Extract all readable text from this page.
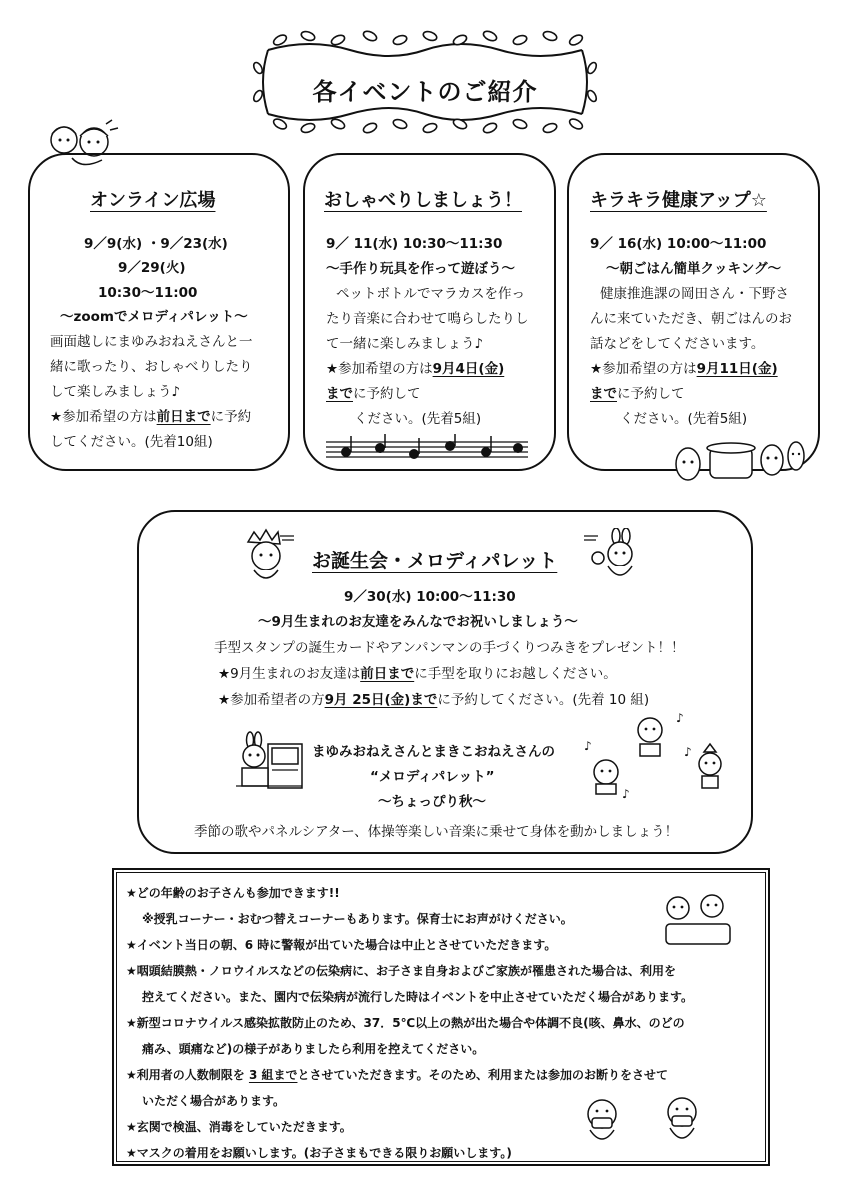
各イベントのご紹介
オンライン広場
9／9(水) ・9／23(水)
9／29(火)
10:30～11:00
～zoomでメロディパレット～
画面越しにまゆみおねえさんと一
緒に歌ったり、おしゃべりしたり
して楽しみましょう♪
★参加希望の方は前日までに予約
してください。(先着10組)
おしゃべりしましょう！
9／ 11(水) 10:30～11:30
～手作り玩具を作って遊ぼう～
ペットボトルでマラカスを作っ
たり音楽に合わせて鳴らしたりし
て一緒に楽しみましょう♪
★参加希望の方は9月4日(金)
までに予約して
ください。(先着5組)
キラキラ健康アップ☆
9／ 16(水) 10:00～11:00
～朝ごはん簡単クッキング～
健康推進課の岡田さん・下野さ
んに来ていただき、朝ごはんのお
話などをしてくださいます。
★参加希望の方は9月11日(金)
までに予約して
ください。(先着5組)
お誕生会・メロディパレット
9／30(水) 10:00～11:30
～9月生まれのお友達をみんなでお祝いしましょう～
手型スタンプの誕生カードやアンパンマンの手づくりつみきをプレゼント！！
★9月生まれのお友達は前日までに手型を取りにお越しください。
★参加希望者の方9月 25日(金)までに予約してください。(先着 10 組)
まゆみおねえさんとまきこおねえさんの
“メロディパレット”
～ちょっぴり秋～
♪
♪
♪
♪
季節の歌やパネルシアター、体操等楽しい音楽に乗せて身体を動かしましょう！
★どの年齢のお子さんも参加できます!!
※授乳コーナー・おむつ替えコーナーもあります。保育士にお声がけください。
★イベント当日の朝、6 時に警報が出ていた場合は中止とさせていただきます。
★咽頭結膜熱・ノロウイルスなどの伝染病に、お子さま自身およびご家族が罹患された場合は、利用を
控えてください。また、園内で伝染病が流行した時はイベントを中止させていただく場合があります。
★新型コロナウイルス感染拡散防止のため、37．5℃以上の熱が出た場合や体調不良(咳、鼻水、のどの
痛み、頭痛など)の様子がありましたら利用を控えてください。
★利用者の人数制限を 3 組までとさせていただきます。そのため、利用または参加のお断りをさせて
いただく場合があります。
★玄関で検温、消毒をしていただきます。
★マスクの着用をお願いします。(お子さまもできる限りお願いします。)
